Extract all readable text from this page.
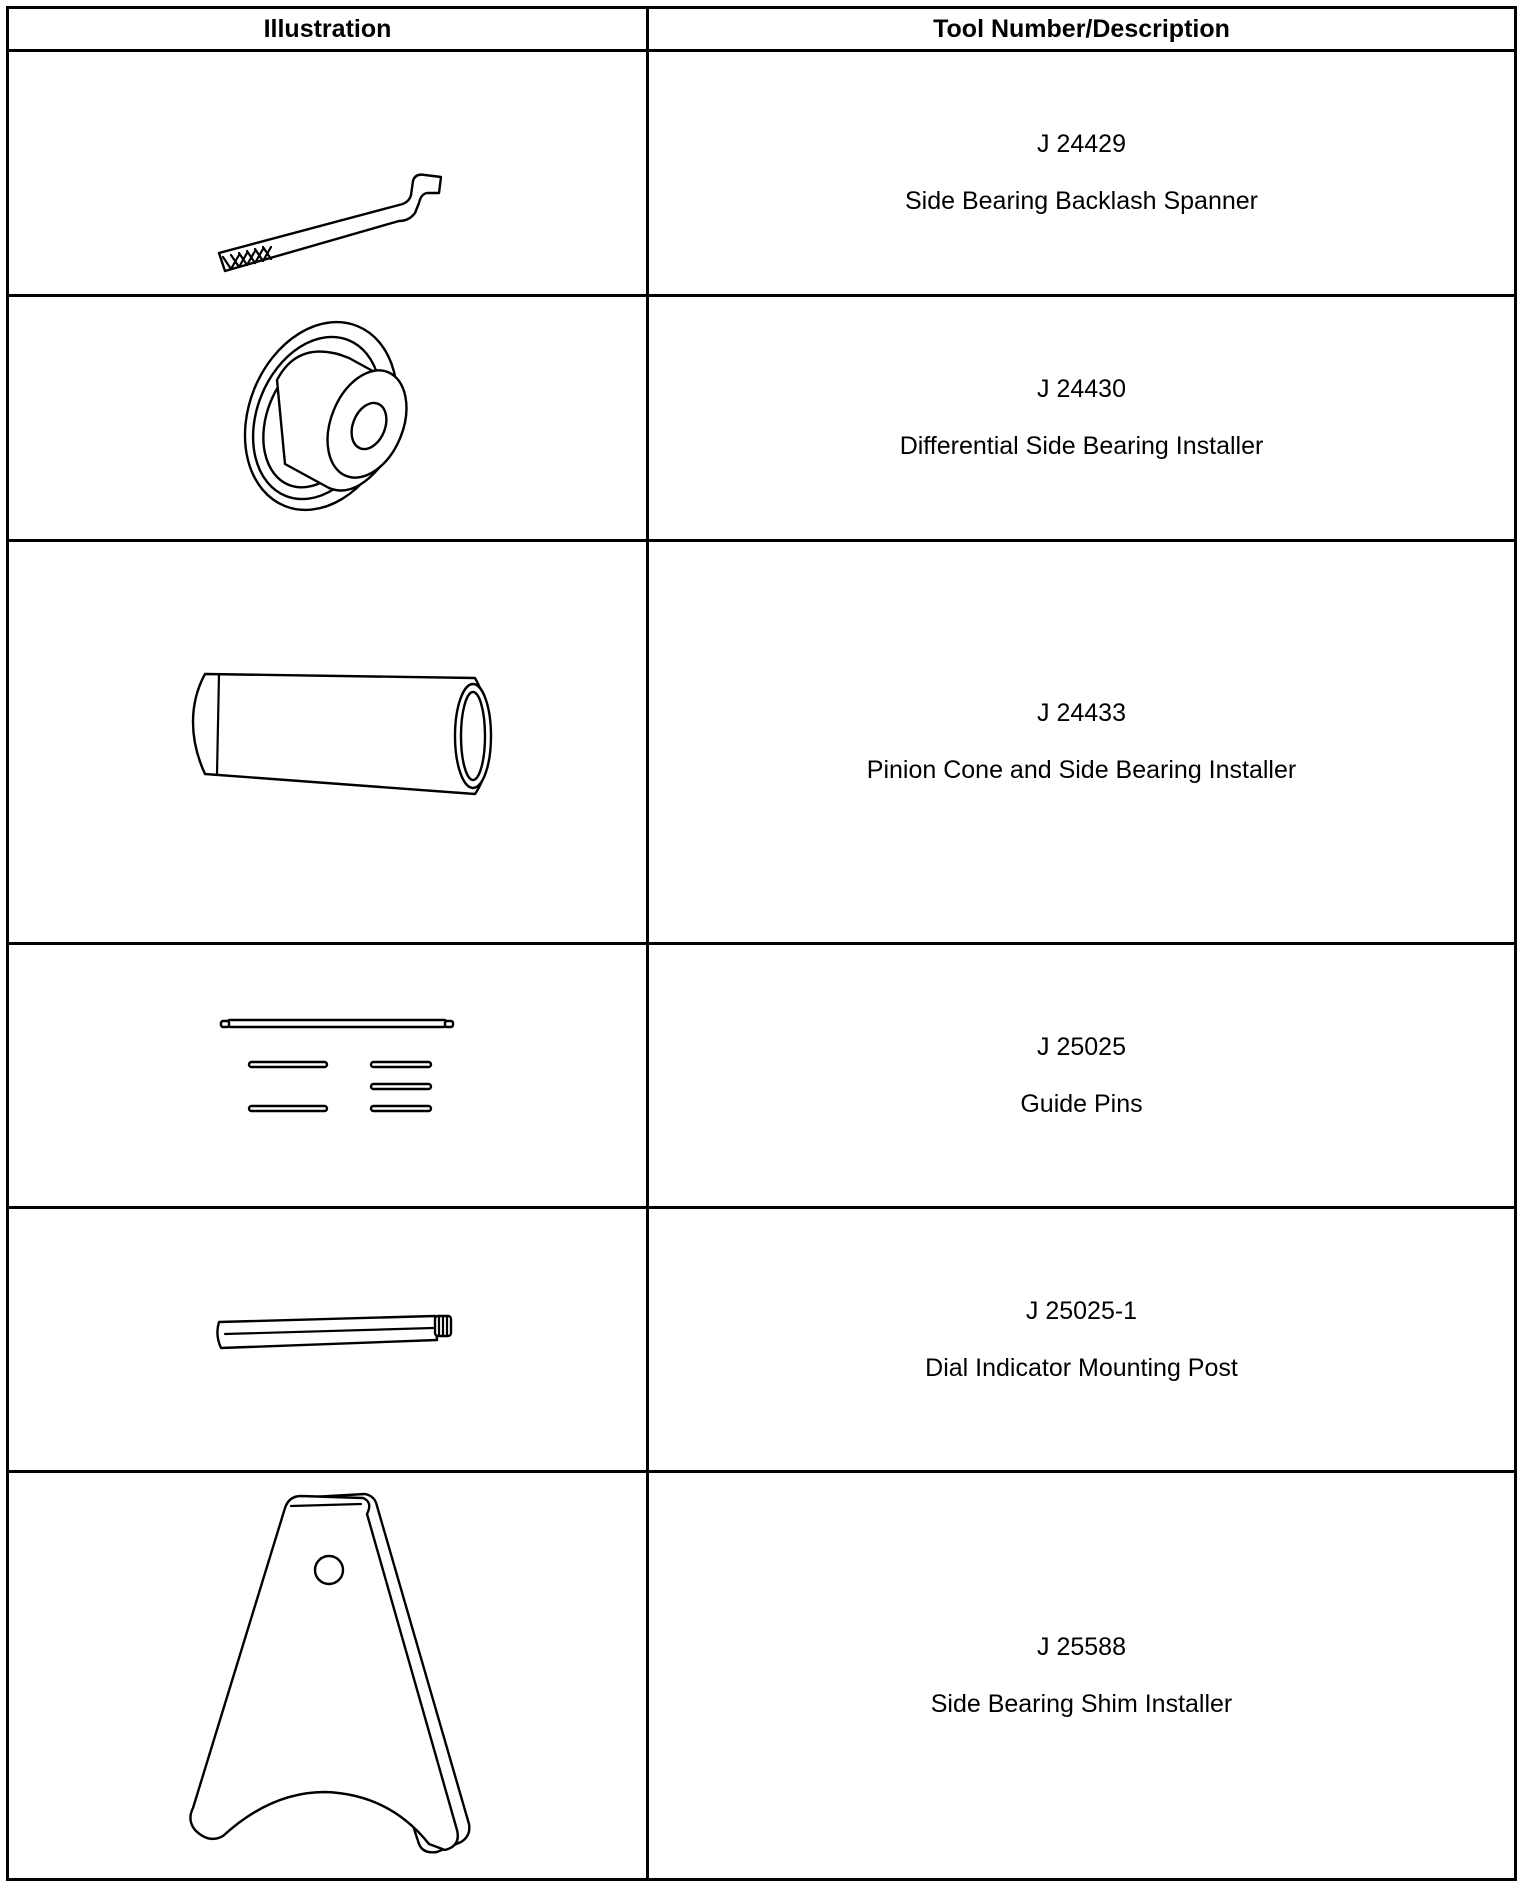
Illustration	Tool Number/Description

J 24429
Side Bearing Backlash Spanner

J 24430
Differential Side Bearing Installer

J 24433
Pinion Cone and Side Bearing Installer

J 25025
Guide Pins

J 25025-1
Dial Indicator Mounting Post

J 25588
Side Bearing Shim Installer
